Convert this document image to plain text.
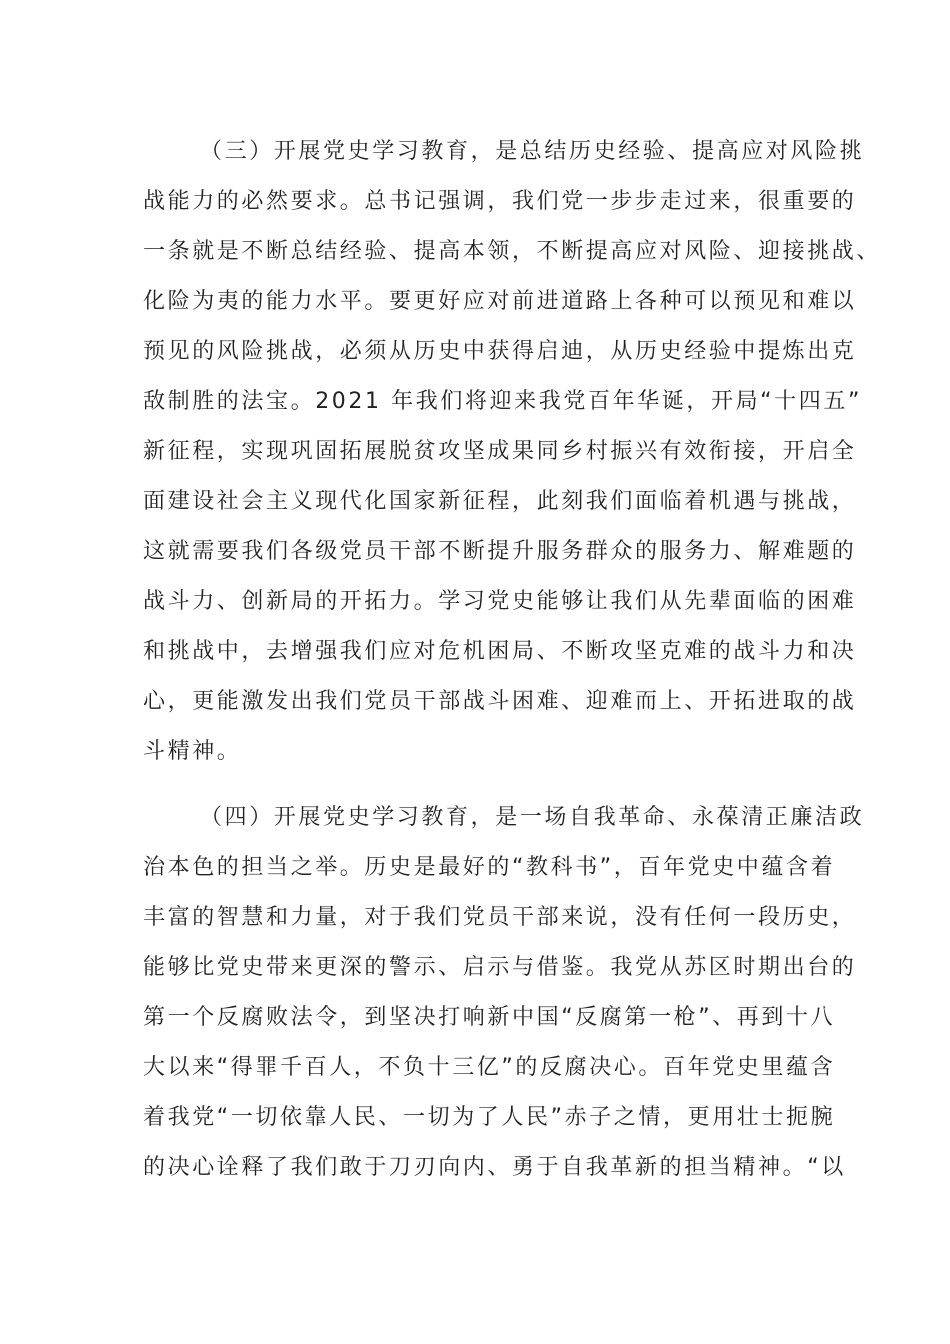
（三）开展党史学习教育，是总结历史经验、提高应对风险挑
战能力的必然要求。总书记强调，我们党一步步走过来，很重要的
一条就是不断总结经验、提高本领，不断提高应对风险、迎接挑战、
化险为夷的能力水平。要更好应对前进道路上各种可以预见和难以
预见的风险挑战，必须从历史中获得启迪，从历史经验中提炼出克
敌制胜的法宝。2021 年我们将迎来我党百年华诞，开局“十四五”
新征程，实现巩固拓展脱贫攻坚成果同乡村振兴有效衔接，开启全
面建设社会主义现代化国家新征程，此刻我们面临着机遇与挑战，
这就需要我们各级党员干部不断提升服务群众的服务力、解难题的
战斗力、创新局的开拓力。学习党史能够让我们从先辈面临的困难
和挑战中，去增强我们应对危机困局、不断攻坚克难的战斗力和决
心，更能激发出我们党员干部战斗困难、迎难而上、开拓进取的战
斗精神。
（四）开展党史学习教育，是一场自我革命、永葆清正廉洁政
治本色的担当之举。历史是最好的“教科书”，百年党史中蕴含着
丰富的智慧和力量，对于我们党员干部来说，没有任何一段历史，
能够比党史带来更深的警示、启示与借鉴。我党从苏区时期出台的
第一个反腐败法令，到坚决打响新中国“反腐第一枪”、再到十八
大以来“得罪千百人，不负十三亿”的反腐决心。百年党史里蕴含
着我党“一切依靠人民、一切为了人民”赤子之情，更用壮士扼腕
的决心诠释了我们敢于刀刃向内、勇于自我革新的担当精神。“以
